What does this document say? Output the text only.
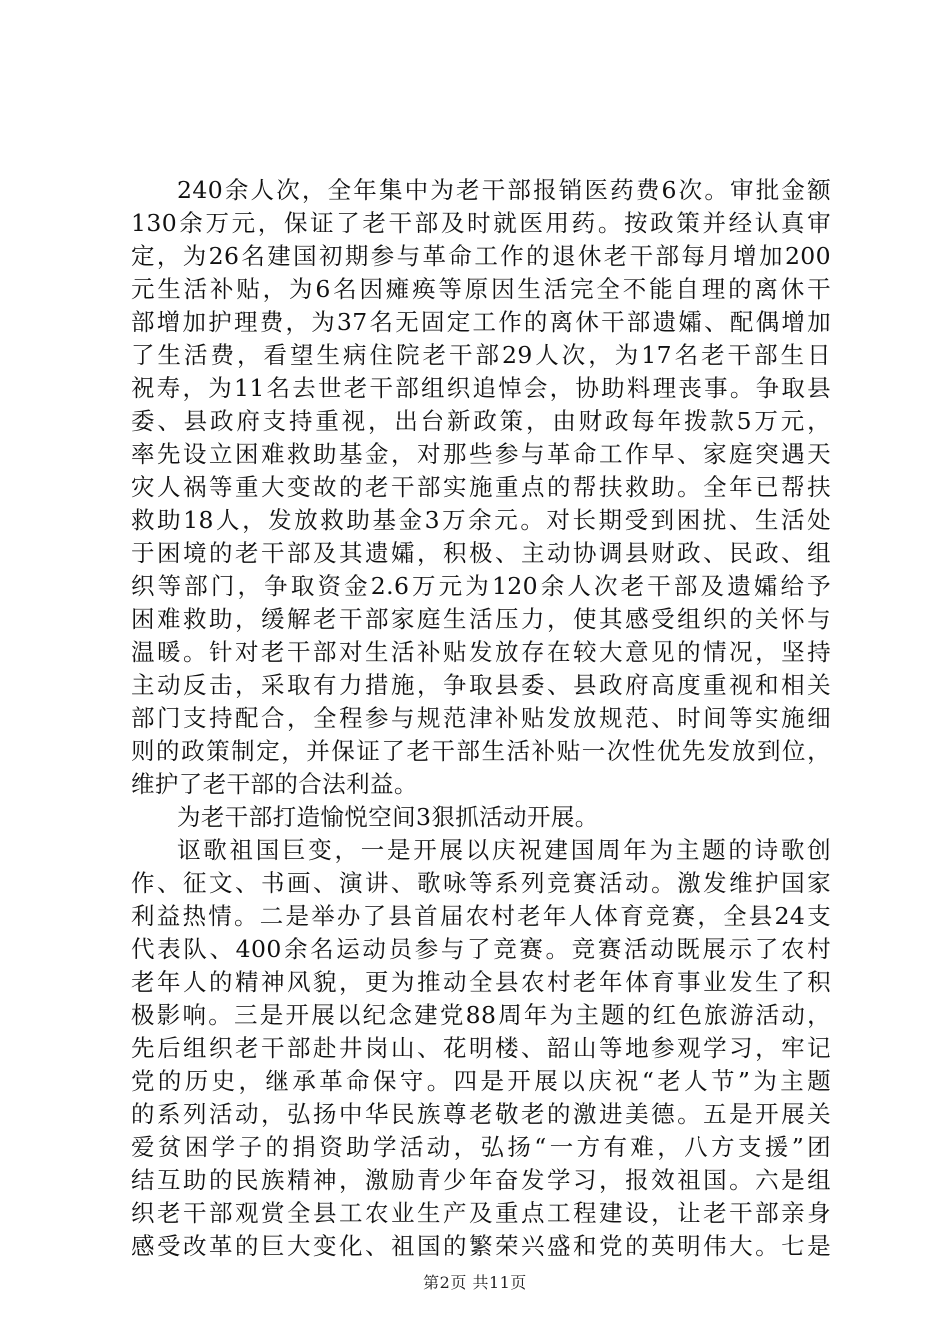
240余人次，全年集中为老干部报销医药费6次。审批金额
130余万元，保证了老干部及时就医用药。按政策并经认真审
定，为26名建国初期参与革命工作的退休老干部每月增加200
元生活补贴，为6名因瘫痪等原因生活完全不能自理的离休干
部增加护理费，为37名无固定工作的离休干部遗孀、配偶增加
了生活费，看望生病住院老干部29人次，为17名老干部生日
祝寿，为11名去世老干部组织追悼会，协助料理丧事。争取县
委、县政府支持重视，出台新政策，由财政每年拨款5万元，
率先设立困难救助基金，对那些参与革命工作早、家庭突遇天
灾人祸等重大变故的老干部实施重点的帮扶救助。全年已帮扶
救助18人，发放救助基金3万余元。对长期受到困扰、生活处
于困境的老干部及其遗孀，积极、主动协调县财政、民政、组
织等部门，争取资金2.6万元为120余人次老干部及遗孀给予
困难救助，缓解老干部家庭生活压力，使其感受组织的关怀与
温暖。针对老干部对生活补贴发放存在较大意见的情况，坚持
主动反击，采取有力措施，争取县委、县政府高度重视和相关
部门支持配合，全程参与规范津补贴发放规范、时间等实施细
则的政策制定，并保证了老干部生活补贴一次性优先发放到位，
维护了老干部的合法利益。
为老干部打造愉悦空间3狠抓活动开展。
讴歌祖国巨变，一是开展以庆祝建国周年为主题的诗歌创
作、征文、书画、演讲、歌咏等系列竞赛活动。激发维护国家
利益热情。二是举办了县首届农村老年人体育竞赛，全县24支
代表队、400余名运动员参与了竞赛。竞赛活动既展示了农村
老年人的精神风貌，更为推动全县农村老年体育事业发生了积
极影响。三是开展以纪念建党88周年为主题的红色旅游活动，
先后组织老干部赴井岗山、花明楼、韶山等地参观学习，牢记
党的历史，继承革命保守。四是开展以庆祝“老人节”为主题
的系列活动，弘扬中华民族尊老敬老的激进美德。五是开展关
爱贫困学子的捐资助学活动，弘扬“一方有难，八方支援”团
结互助的民族精神，激励青少年奋发学习，报效祖国。六是组
织老干部观赏全县工农业生产及重点工程建设，让老干部亲身
感受改革的巨大变化、祖国的繁荣兴盛和党的英明伟大。七是
第2页 共11页
